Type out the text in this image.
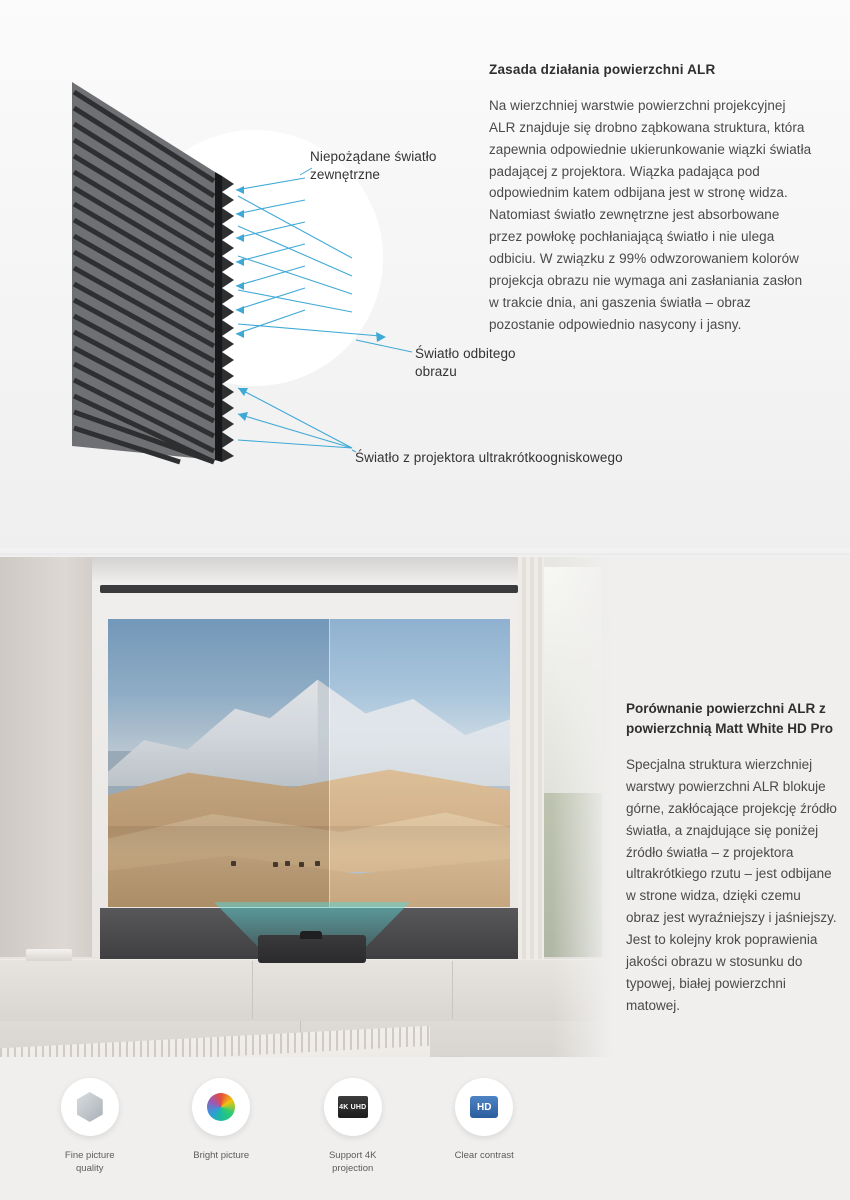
Niepożądane światło zewnętrzne
Światło odbitego obrazu
Światło z projektora ultrakrótkoogniskowego
Zasada działania powierzchni ALR

Na wierzchniej warstwie powierzchni projekcyjnej ALR znajduje się drobno ząbkowana struktura, która zapewnia odpowiednie ukierunkowanie wiązki światła padającej z projektora. Wiązka padająca pod odpowiednim katem odbijana jest w stronę widza. Natomiast światło zewnętrzne jest absorbowane przez powłokę pochłaniającą światło i nie ulega odbiciu. W związku z 99% odwzorowaniem kolorów projekcja obrazu nie wymaga ani zasłaniania zasłon w trakcie dnia, ani gaszenia światła – obraz pozostanie odpowiednio nasycony i jasny.

Porównanie powierzchni ALR z powierzchnią Matt White HD Pro

Specjalna struktura wierzchniej warstwy powierzchni ALR blokuje górne, zakłócające projekcję źródło światła, a znajdujące się poniżej źródło światła – z projektora ultrakrótkiego rzutu – jest odbijane w strone widza, dzięki czemu obraz jest wyraźniejszy i jaśniejszy. Jest to kolejny krok poprawienia jakości obrazu w stosunku do typowej, białej powierzchni matowej.

Fine picture quality
Bright picture
4K UHD
Support 4K projection
HD
Clear contrast
